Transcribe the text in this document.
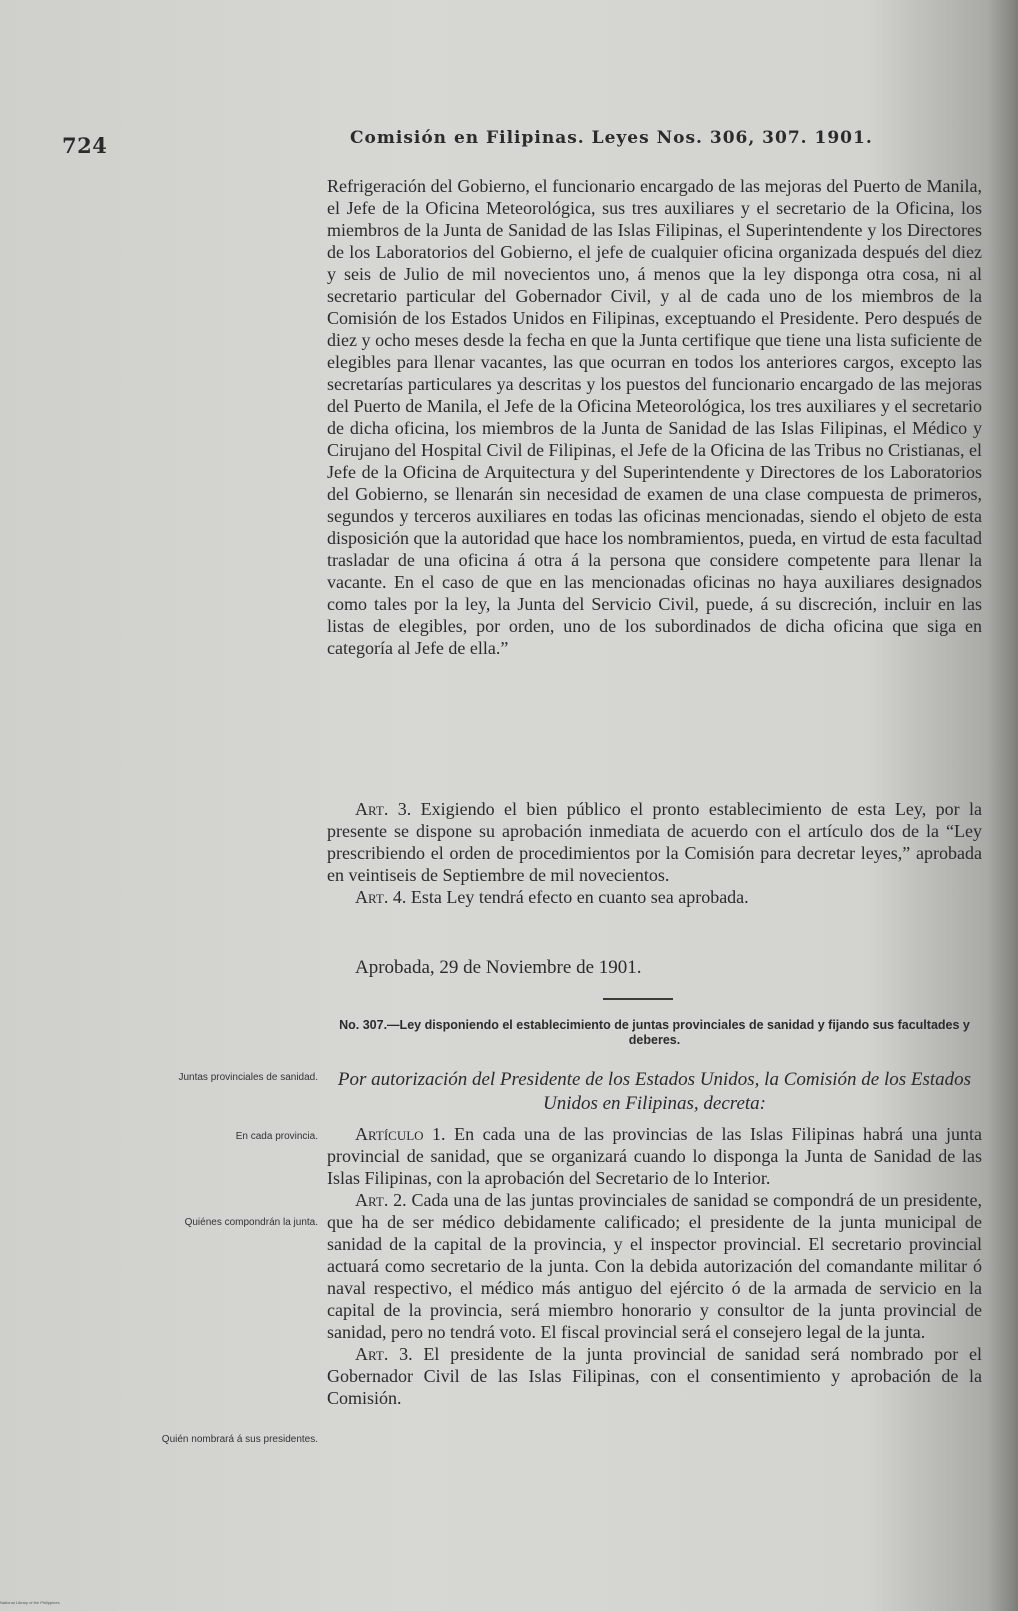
724	Comisión en Filipinas. Leyes Nos. 306, 307. 1901.

Refrigeración del Gobierno, el funcionario encargado de las mejoras del Puerto de Manila, el Jefe de la Oficina Meteorológica, sus tres auxiliares y el secretario de la Oficina, los miembros de la Junta de Sanidad de las Islas Filipinas, el Superintendente y los Directores de los Laboratorios del Gobierno, el jefe de cualquier oficina organizada después del diez y seis de Julio de mil novecientos uno, á menos que la ley disponga otra cosa, ni al secretario particular del Gobernador Civil, y al de cada uno de los miembros de la Comisión de los Estados Unidos en Filipinas, exceptuando el Presidente. Pero después de diez y ocho meses desde la fecha en que la Junta certifique que tiene una lista suficiente de elegibles para llenar vacantes, las que ocurran en todos los anteriores cargos, excepto las secretarías particulares ya descritas y los puestos del funcionario encargado de las mejoras del Puerto de Manila, el Jefe de la Oficina Meteorológica, los tres auxiliares y el secretario de dicha oficina, los miembros de la Junta de Sanidad de las Islas Filipinas, el Médico y Cirujano del Hospital Civil de Filipinas, el Jefe de la Oficina de las Tribus no Cristianas, el Jefe de la Oficina de Arquitectura y del Superintendente y Directores de los Laboratorios del Gobierno, se llenarán sin necesidad de examen de una clase compuesta de primeros, segundos y terceros auxiliares en todas las oficinas mencionadas, siendo el objeto de esta disposición que la autoridad que hace los nombramientos, pueda, en virtud de esta facultad trasladar de una oficina á otra á la persona que considere competente para llenar la vacante. En el caso de que en las mencionadas oficinas no haya auxiliares designados como tales por la ley, la Junta del Servicio Civil, puede, á su discreción, incluir en las listas de elegibles, por orden, uno de los subordinados de dicha oficina que siga en categoría al Jefe de ella.”

Art. 3. Exigiendo el bien público el pronto establecimiento de esta Ley, por la presente se dispone su aprobación inmediata de acuerdo con el artículo dos de la “Ley prescribiendo el orden de procedimientos por la Comisión para decretar leyes,” aprobada en veintiseis de Septiembre de mil novecientos.

Art. 4. Esta Ley tendrá efecto en cuanto sea aprobada.

Aprobada, 29 de Noviembre de 1901.
No. 307.—Ley disponiendo el establecimiento de juntas provinciales de sanidad y fijando sus facultades y deberes.
Por autorización del Presidente de los Estados Unidos, la Comisión de los Estados Unidos en Filipinas, decreta:

Artículo 1. En cada una de las provincias de las Islas Filipinas habrá una junta provincial de sanidad, que se organizará cuando lo disponga la Junta de Sanidad de las Islas Filipinas, con la aprobación del Secretario de lo Interior.

Art. 2. Cada una de las juntas provinciales de sanidad se compondrá de un presidente, que ha de ser médico debidamente calificado; el presidente de la junta municipal de sanidad de la capital de la provincia, y el inspector provincial. El secretario provincial actuará como secretario de la junta. Con la debida autorización del comandante militar ó naval respectivo, el médico más antiguo del ejército ó de la armada de servicio en la capital de la provincia, será miembro honorario y consultor de la junta provincial de sanidad, pero no tendrá voto. El fiscal provincial será el consejero legal de la junta.

Art. 3. El presidente de la junta provincial de sanidad será nombrado por el Gobernador Civil de las Islas Filipinas, con el consentimiento y aprobación de la Comisión.

Juntas provinciales de sanidad.
En cada provincia.
Quiénes compondrán la junta.
Quién nombrará á sus presidentes.
National Library of the Philippines
